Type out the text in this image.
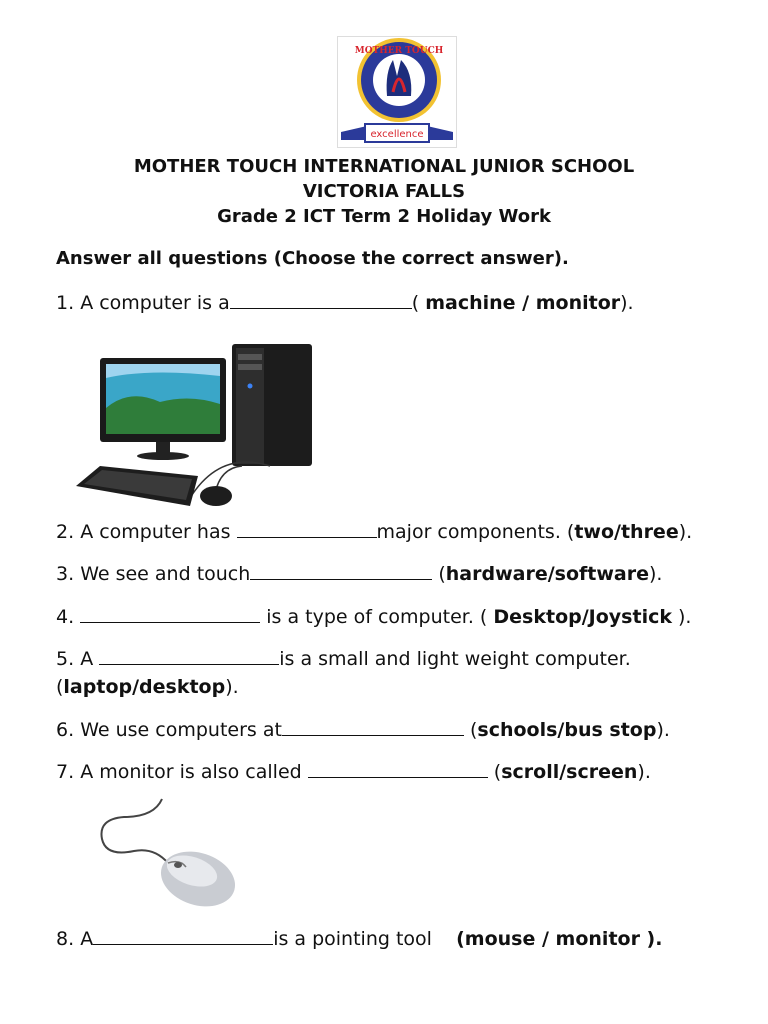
MOTHER TOUCH
excellence
MOTHER TOUCH INTERNATIONAL JUNIOR SCHOOL
VICTORIA FALLS
Grade 2 ICT Term 2 Holiday Work
Answer all questions (Choose the correct answer).
1. A computer is a	( machine / monitor).
2. A computer has	major components. (two/three).
3. We see and touch	(hardware/software).
4.	is a type of computer. ( Desktop/Joystick ).
5. A	is a small and light weight computer.
(laptop/desktop).
6. We use computers at	(schools/bus stop).
7. A monitor is also called	(scroll/screen).
8. A	is a pointing tool (mouse / monitor ).
